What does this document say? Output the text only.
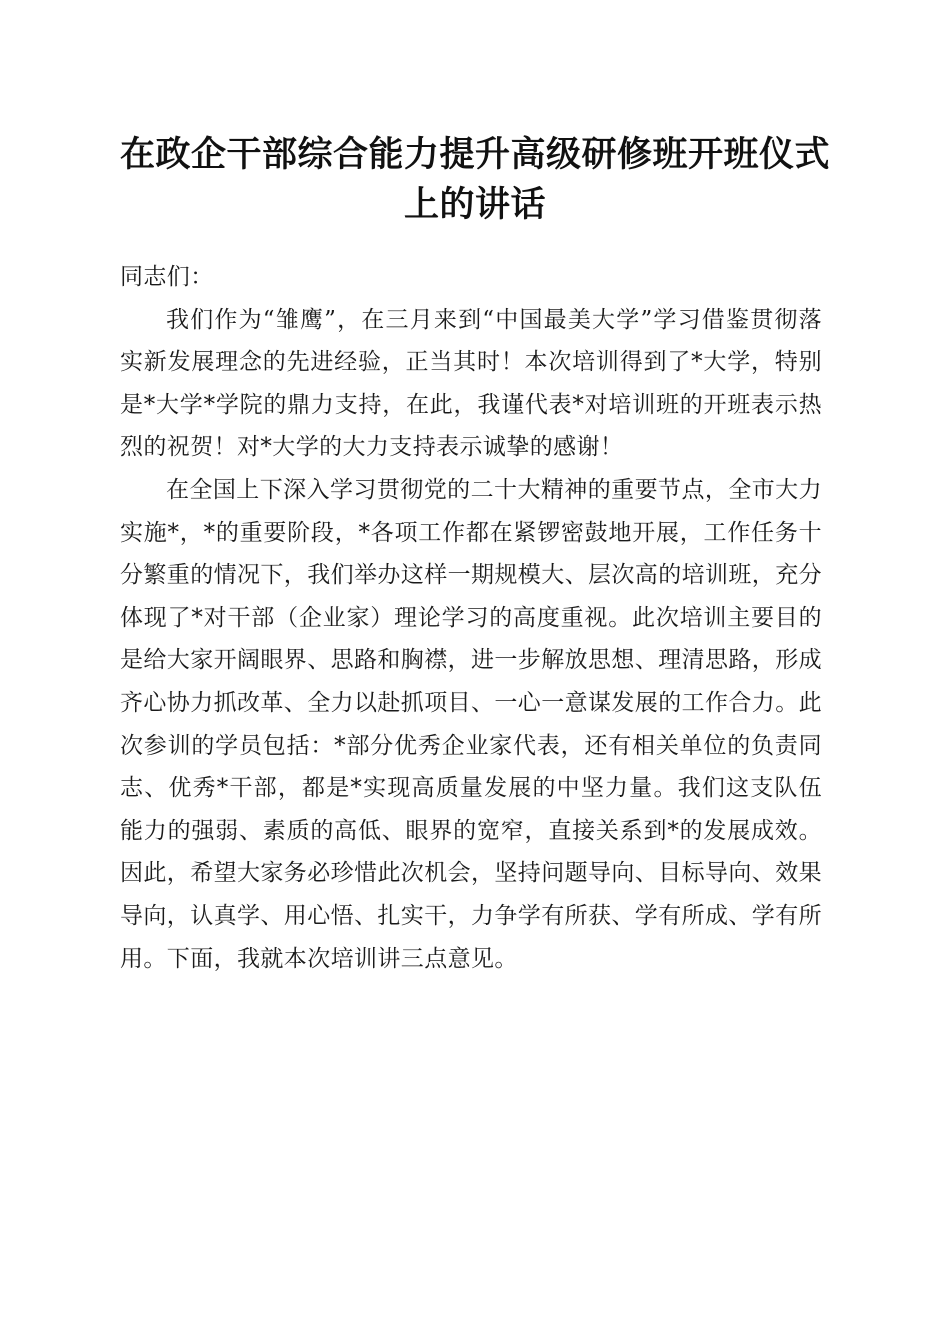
在政企干部综合能力提升高级研修班开班仪式上的讲话

同志们：

我们作为“雏鹰”，在三月来到“中国最美大学”学习借鉴贯彻落实新发展理念的先进经验，正当其时！本次培训得到了*大学，特别是*大学*学院的鼎力支持，在此，我谨代表*对培训班的开班表示热烈的祝贺！对*大学的大力支持表示诚挚的感谢！

在全国上下深入学习贯彻党的二十大精神的重要节点，全市大力实施*，*的重要阶段，*各项工作都在紧锣密鼓地开展，工作任务十分繁重的情况下，我们举办这样一期规模大、层次高的培训班，充分体现了*对干部（企业家）理论学习的高度重视。此次培训主要目的是给大家开阔眼界、思路和胸襟，进一步解放思想、理清思路，形成齐心协力抓改革、全力以赴抓项目、一心一意谋发展的工作合力。此次参训的学员包括：*部分优秀企业家代表，还有相关单位的负责同志、优秀*干部，都是*实现高质量发展的中坚力量。我们这支队伍能力的强弱、素质的高低、眼界的宽窄，直接关系到*的发展成效。因此，希望大家务必珍惜此次机会，坚持问题导向、目标导向、效果导向，认真学、用心悟、扎实干，力争学有所获、学有所成、学有所用。下面，我就本次培训讲三点意见。
